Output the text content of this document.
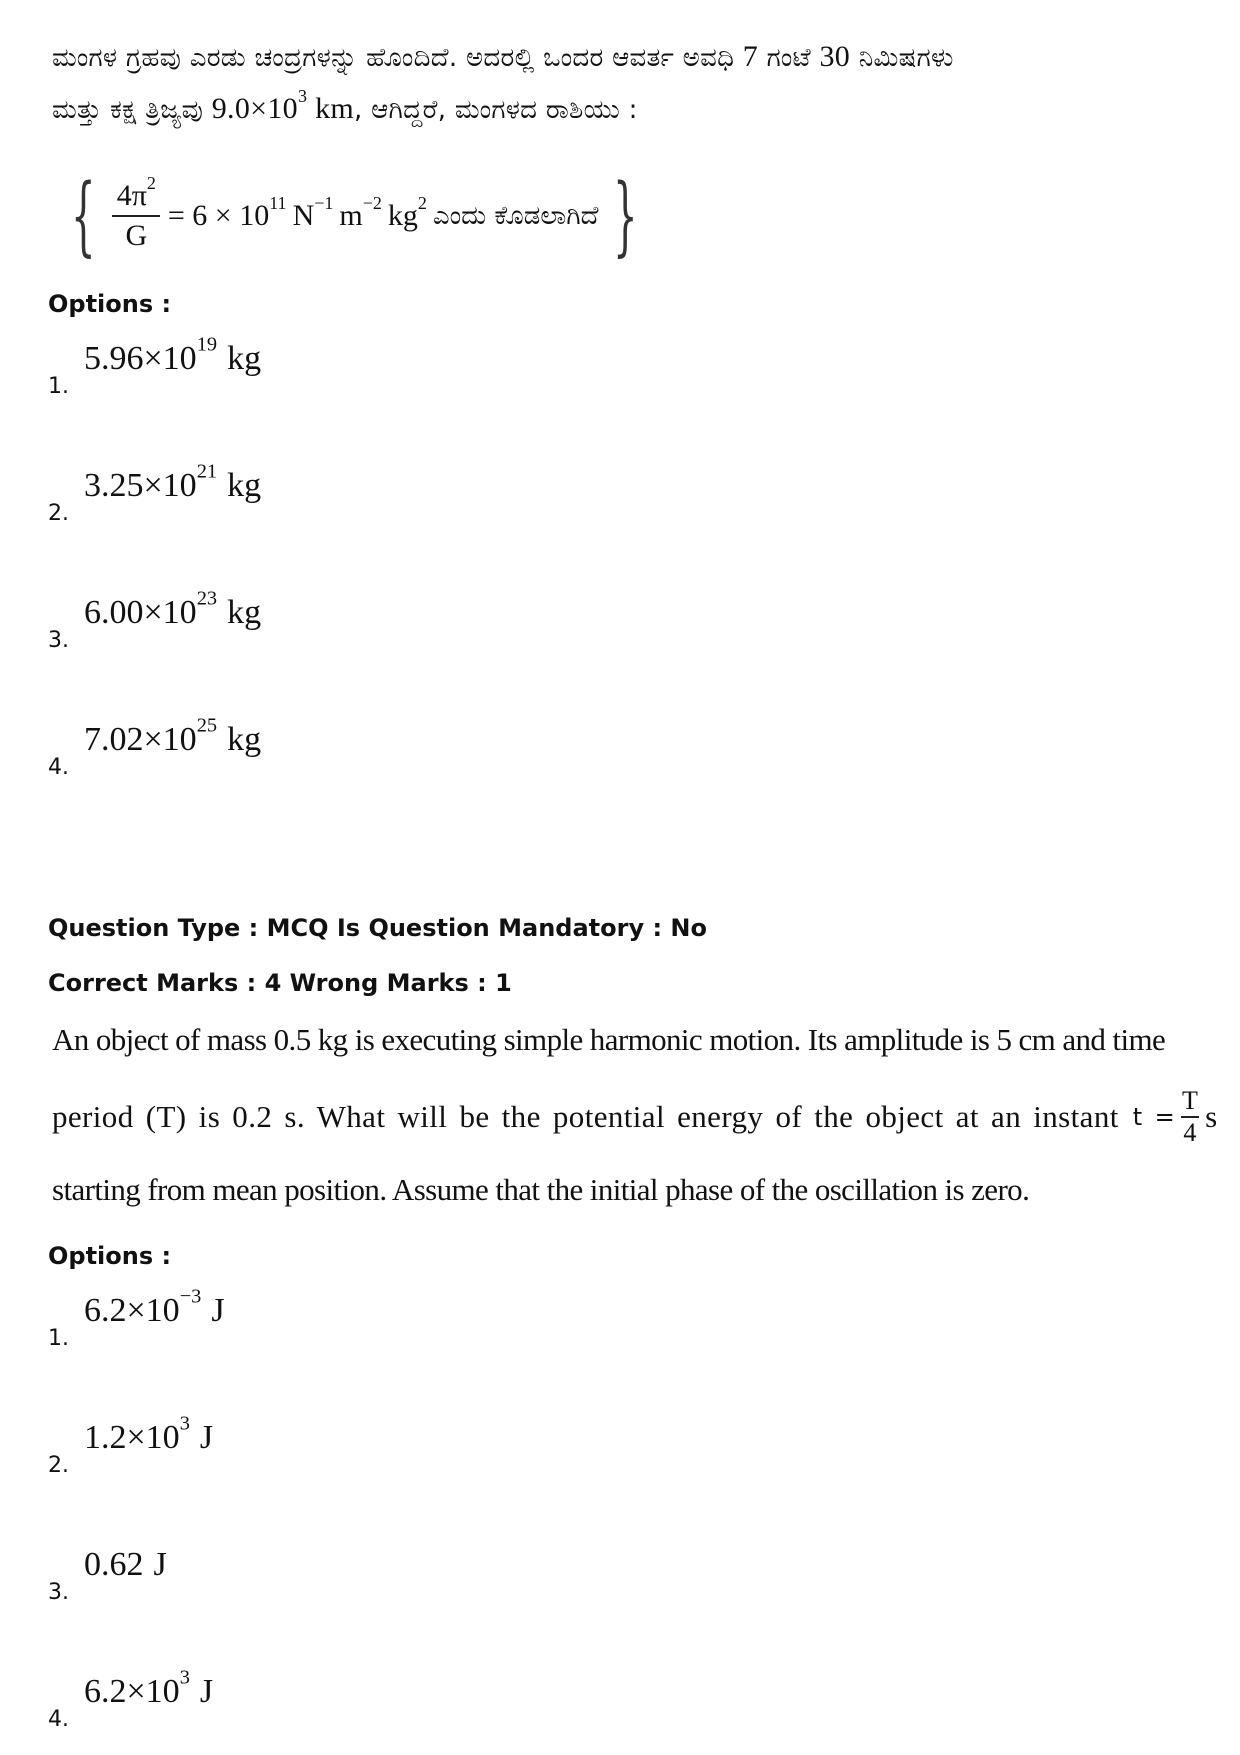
ಮಂಗಳ ಗ್ರಹವು ಎರಡು ಚಂದ್ರಗಳನ್ನು ಹೊಂದಿದೆ. ಅದರಲ್ಲಿ ಒಂದರ ಆವರ್ತ ಅವಧಿ 7 ಗಂಟೆ 30 ನಿಮಿಷಗಳು
ಮತ್ತು ಕಕ್ಷ ತ್ರಿಜ್ಯವು $9.0\times 10^3$ km, ಆಗಿದ್ದರೆ, ಮಂಗಳದ ರಾಶಿಯು :
{ $\frac{4\pi^2}{G} = 6 \times 10^{11}$ $N^{-1}$ $m^{-2}$ $kg^2$ ಎಂದು ಕೊಡಲಾಗಿದೆ }
Options :
1.
$5.96\times 10^{19}$ kg
2.
$3.25\times 10^{21}$ kg
3.
$6.00\times 10^{23}$ kg
4.
$7.02\times 10^{25}$ kg
Question Type : MCQ Is Question Mandatory : No
Correct Marks : 4 Wrong Marks : 1
An object of mass 0.5 kg is executing simple harmonic motion. Its amplitude is 5 cm and time
period (T) is 0.2 s. What will be the potential energy of the object at an instant t =
T
4 s
starting from mean position. Assume that the initial phase of the oscillation is zero.
Options :
1.
$6.2\times 10^{-3}$ J
2.
$1.2\times 10^3$ J
3.
0.62 J
4.
$6.2\times 10^3$ J
